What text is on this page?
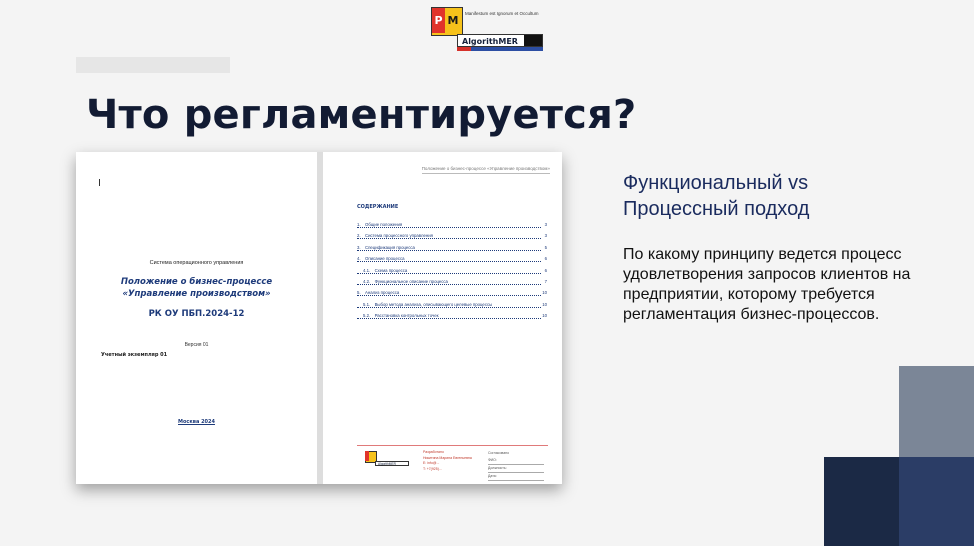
P M
Manifestum est Ignorum et Occultum
AlgorithMER
Что регламентируется?
Система операционного управления
Положение о бизнес-процессе
«Управление производством»
РК ОУ ПБП.2024-12
Версия 01
Учетный экземпляр 01
Москва 2024
Положение о бизнес-процессе «Управление производством»
СОДЕРЖАНИЕ
1. Общие положения	3
2. Система процессного управления	3
3. Спецификация процесса	5
4. Описание процесса	6
4.1. Схема процесса	6
4.2. Функциональное описание процесса	7
5. Анализ процесса	10
5.1. Выбор метода анализа, описывающего целевые процессы	10
5.2. Расстановка контрольных точек	10
AlgorithMER
Разработано
Никитина Марина Евгеньевна
E: info@...
T: +7(925)...
Согласовано
ФИО:
Должность:
Дата:
Функциональный vs
Процессный подход
По какому принципу ведется процесс удовлетворения запросов клиентов на предприятии, которому требуется регламентация бизнес-процессов.
